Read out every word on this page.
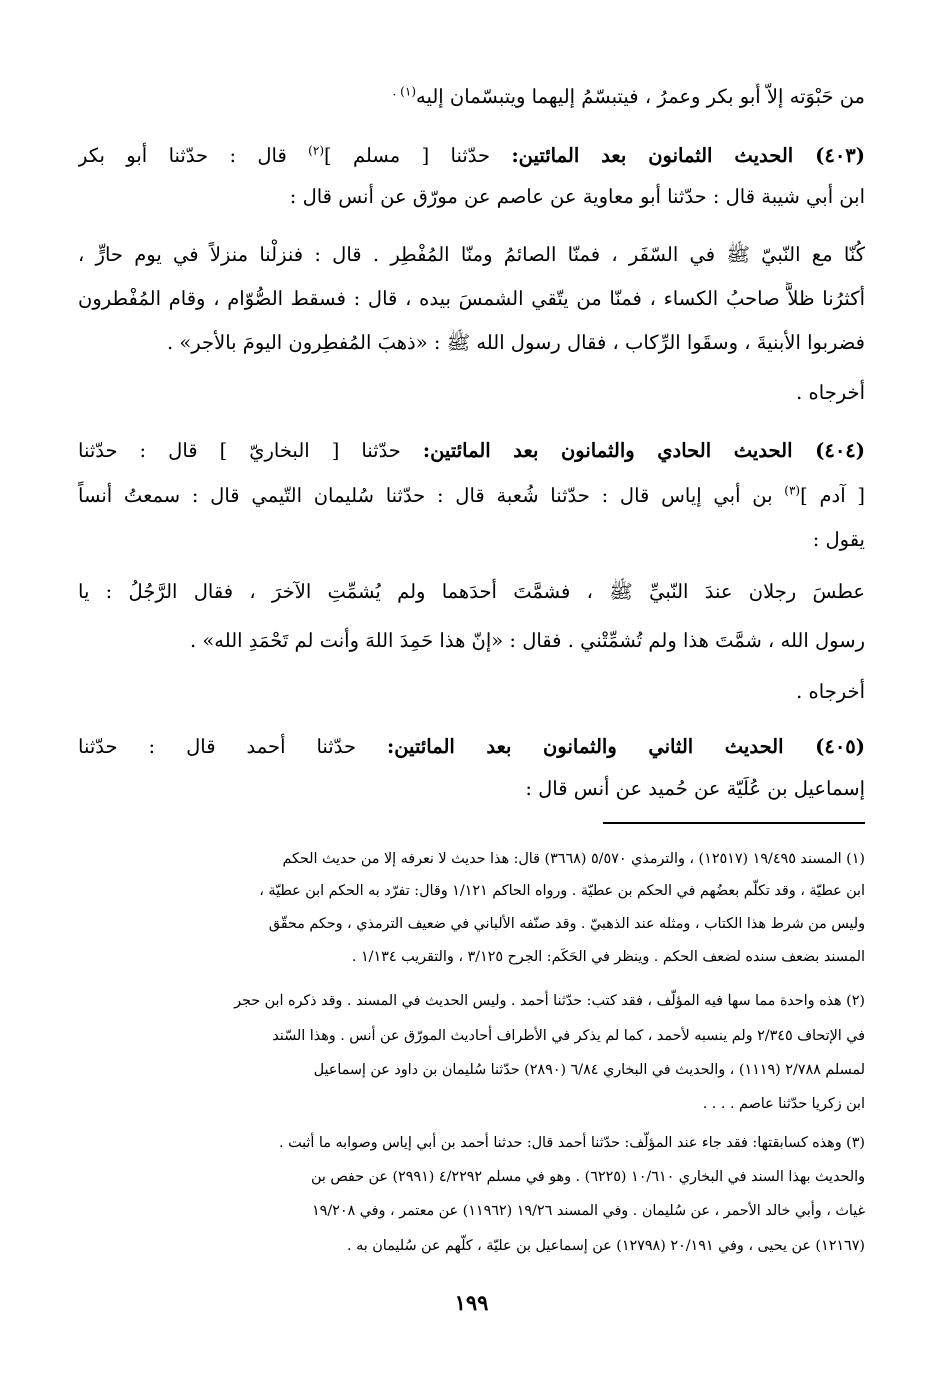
من حَبْوَته إلاّ أبو بكر وعمرُ ، فيتبسّمُ إليهما ويتبسّمان إليه$^{(١) .}$
(٤٠٣) الحديث الثمانون بعد المائتين: حدّثنا [ مسلم ]$^{(٢)}$ قال : حدّثنا أبو بكر
ابن أبي شيبة قال : حدّثنا أبو معاوية عن عاصم عن مورّق عن أنس قال :
كُنّا مع النّبيّ ﷺ في السّفَر ، فمنّا الصائمُ ومنّا المُفْطِر . قال : فنزلْنا منزلاً في يوم حارٍّ ،
أكثرُنا ظلاًّ صاحبُ الكساء ، فمنّا من يتّقي الشمسَ بيده ، قال : فسقط الصُّوّام ، وقام المُفْطرون
فضربوا الأبنيةَ ، وسقَوا الرِّكاب ، فقال رسول الله ﷺ : «ذهبَ المُفطِرون اليومَ بالأجر» .
أخرجاه .
(٤٠٤) الحديث الحادي والثمانون بعد المائتين: حدّثنا [ البخاريّ ] قال : حدّثنا
[ آدم ]$^{(٣)}$ بن أبي إياس قال : حدّثنا شُعبة قال : حدّثنا سُليمان التّيمي قال : سمعتُ أنساً
يقول :
عطسَ رجلان عندَ النّبيِّ ﷺ ، فشمَّتَ أحدَهما ولم يُشمِّتِ الآخرَ ، فقال الرَّجُلُ : يا
رسول الله ، شمَّتَ هذا ولم تُشمِّتْني . فقال : «إنّ هذا حَمِدَ اللهَ وأنت لم تَحْمَدِ الله» .
أخرجاه .
(٤٠٥) الحديث الثاني والثمانون بعد المائتين: حدّثنا أحمد قال : حدّثنا
إسماعيل بن عُلَيّة عن حُميد عن أنس قال :
(١) المسند ١٩/٤٩٥ (١٢٥١٧) ، والترمذي ٥/٥٧٠ (٣٦٦٨) قال: هذا حديث لا نعرفه إلا من حديث الحكم
ابن عطيّة ، وقد تكلّم بعضُهم في الحكم بن عطيّة . ورواه الحاكم ١/١٢١ وقال: تفرّد به الحكم ابن عطيّة ،
وليس من شرط هذا الكتاب ، ومثله عند الذهبيّ . وقد صنّفه الألباني في ضعيف الترمذي ، وحكم محقّق
المسند بضعف سنده لضعف الحكم . وينظر في الحَكَم: الجرح ٣/١٢٥ ، والتقريب ١/١٣٤ .
(٢) هذه واحدة مما سها فيه المؤلّف ، فقد كتب: حدّثنا أحمد . وليس الحديث في المسند . وقد ذكره ابن حجر
في الإتحاف ٢/٣٤٥ ولم ينسبه لأحمد ، كما لم يذكر في الأطراف أحاديث المورّق عن أنس . وهذا السّند
لمسلم ٢/٧٨٨ (١١١٩) ، والحديث في البخاري ٦/٨٤ (٢٨٩٠) حدّثنا سُليمان بن داود عن إسماعيل
ابن زكريا حدّثنا عاصم . . . .
(٣) وهذه كسابقتها: فقد جاء عند المؤلّف: حدّثنا أحمد قال: حدثنا أحمد بن أبي إياس وصوابه ما أثبت .
والحديث بهذا السند في البخاري ١٠/٦١٠ (٦٢٢٥) . وهو في مسلم ٤/٢٢٩٢ (٢٩٩١) عن حفص بن
غياث ، وأبي خالد الأحمر ، عن سُليمان . وفي المسند ١٩/٢٦ (١١٩٦٢) عن معتمر ، وفي ١٩/٢٠٨
(١٢١٦٧) عن يحيى ، وفي ٢٠/١٩١ (١٢٧٩٨) عن إسماعيل بن عليّة ، كلّهم عن سُليمان به .
١٩٩
